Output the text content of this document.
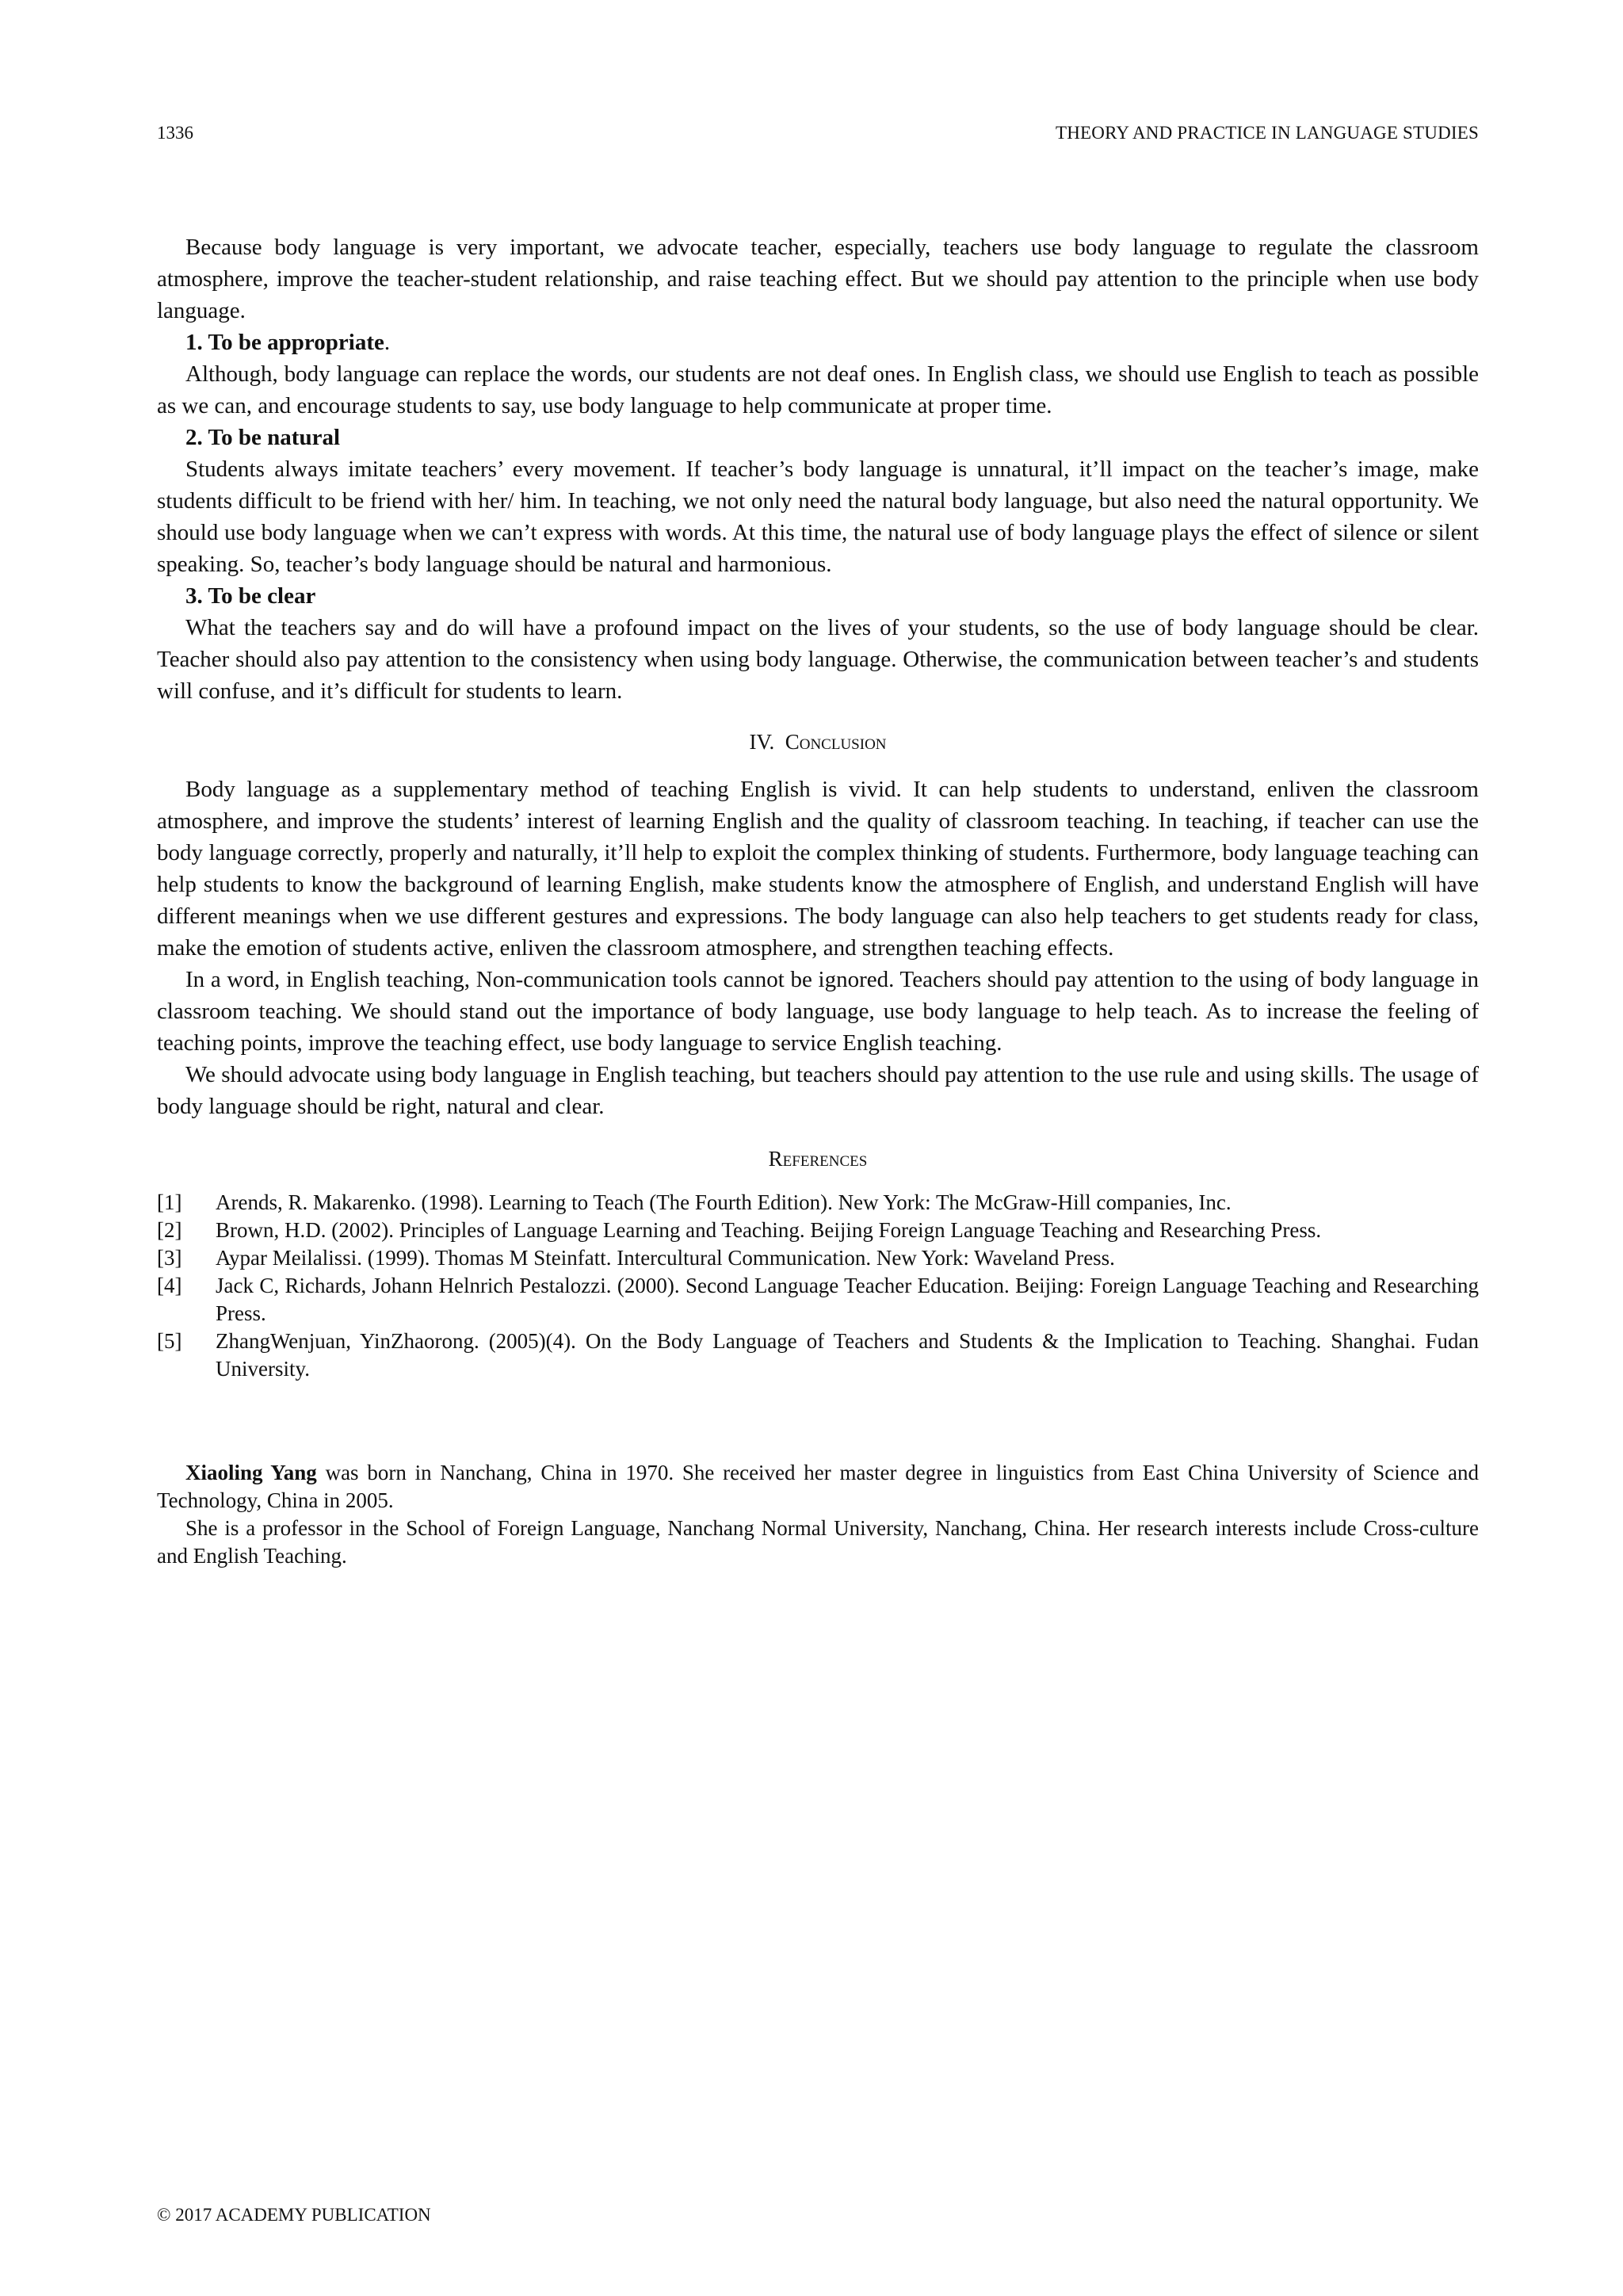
1336	THEORY AND PRACTICE IN LANGUAGE STUDIES

Because body language is very important, we advocate teacher, especially, teachers use body language to regulate the classroom atmosphere, improve the teacher-student relationship, and raise teaching effect. But we should pay attention to the principle when use body language.

1. To be appropriate.

Although, body language can replace the words, our students are not deaf ones. In English class, we should use English to teach as possible as we can, and encourage students to say, use body language to help communicate at proper time.

2. To be natural

Students always imitate teachers’ every movement. If teacher’s body language is unnatural, it’ll impact on the teacher’s image, make students difficult to be friend with her/ him. In teaching, we not only need the natural body language, but also need the natural opportunity. We should use body language when we can’t express with words. At this time, the natural use of body language plays the effect of silence or silent speaking. So, teacher’s body language should be natural and harmonious.

3. To be clear

What the teachers say and do will have a profound impact on the lives of your students, so the use of body language should be clear. Teacher should also pay attention to the consistency when using body language. Otherwise, the communication between teacher’s and students will confuse, and it’s difficult for students to learn.

IV. Conclusion

Body language as a supplementary method of teaching English is vivid. It can help students to understand, enliven the classroom atmosphere, and improve the students’ interest of learning English and the quality of classroom teaching. In teaching, if teacher can use the body language correctly, properly and naturally, it’ll help to exploit the complex thinking of students. Furthermore, body language teaching can help students to know the background of learning English, make students know the atmosphere of English, and understand English will have different meanings when we use different gestures and expressions. The body language can also help teachers to get students ready for class, make the emotion of students active, enliven the classroom atmosphere, and strengthen teaching effects.

In a word, in English teaching, Non-communication tools cannot be ignored. Teachers should pay attention to the using of body language in classroom teaching. We should stand out the importance of body language, use body language to help teach. As to increase the feeling of teaching points, improve the teaching effect, use body language to service English teaching.

We should advocate using body language in English teaching, but teachers should pay attention to the use rule and using skills. The usage of body language should be right, natural and clear.

References
[1] Arends, R. Makarenko. (1998). Learning to Teach (The Fourth Edition). New York: The McGraw-Hill companies, Inc.
[2] Brown, H.D. (2002). Principles of Language Learning and Teaching. Beijing Foreign Language Teaching and Researching Press.
[3] Aypar Meilalissi. (1999). Thomas M Steinfatt. Intercultural Communication. New York: Waveland Press.
[4] Jack C, Richards, Johann Helnrich Pestalozzi. (2000). Second Language Teacher Education. Beijing: Foreign Language Teaching and Researching Press.
[5] ZhangWenjuan, YinZhaorong. (2005)(4). On the Body Language of Teachers and Students & the Implication to Teaching. Shanghai. Fudan University.

Xiaoling Yang was born in Nanchang, China in 1970. She received her master degree in linguistics from East China University of Science and Technology, China in 2005.

She is a professor in the School of Foreign Language, Nanchang Normal University, Nanchang, China. Her research interests include Cross-culture and English Teaching.

© 2017 ACADEMY PUBLICATION
